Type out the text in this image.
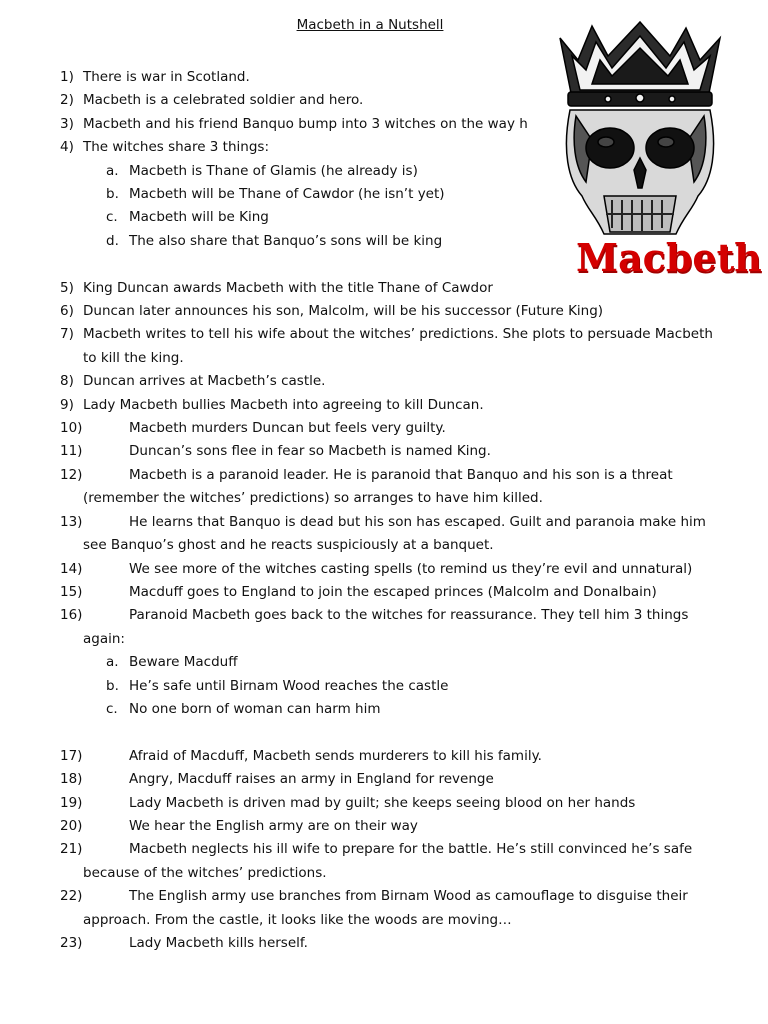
Macbeth in a Nutshell
1) There is war in Scotland.
2) Macbeth is a celebrated soldier and hero.
3) Macbeth and his friend Banquo bump into 3 witches on the way h
4) The witches share 3 things:
a. Macbeth is Thane of Glamis (he already is)
b. Macbeth will be Thane of Cawdor (he isn’t yet)
c. Macbeth will be King
d. The also share that Banquo’s sons will be king
5) King Duncan awards Macbeth with the title Thane of Cawdor
6) Duncan later announces his son, Malcolm, will be his successor (Future King)
7) Macbeth writes to tell his wife about the witches’ predictions. She plots to persuade Macbeth to kill the king.
8) Duncan arrives at Macbeth’s castle.
9) Lady Macbeth bullies Macbeth into agreeing to kill Duncan.
10)	Macbeth murders Duncan but feels very guilty.
11)	Duncan’s sons flee in fear so Macbeth is named King.
12)	Macbeth is a paranoid leader. He is paranoid that Banquo and his son is a threat (remember the witches’ predictions) so arranges to have him killed.
13)	He learns that Banquo is dead but his son has escaped. Guilt and paranoia make him see Banquo’s ghost and he reacts suspiciously at a banquet.
14)	We see more of the witches casting spells (to remind us they’re evil and unnatural)
15)	Macduff goes to England to join the escaped princes (Malcolm and Donalbain)
16)	Paranoid Macbeth goes back to the witches for reassurance. They tell him 3 things again:
a. Beware Macduff
b. He’s safe until Birnam Wood reaches the castle
c. No one born of woman can harm him
17)	Afraid of Macduff, Macbeth sends murderers to kill his family.
18)	Angry, Macduff raises an army in England for revenge
19)	Lady Macbeth is driven mad by guilt; she keeps seeing blood on her hands
20)	We hear the English army are on their way
21)	Macbeth neglects his ill wife to prepare for the battle. He’s still convinced he’s safe because of the witches’ predictions.
22)	The English army use branches from Birnam Wood as camouflage to disguise their approach. From the castle, it looks like the woods are moving…
23)	Lady Macbeth kills herself.
Macbeth
